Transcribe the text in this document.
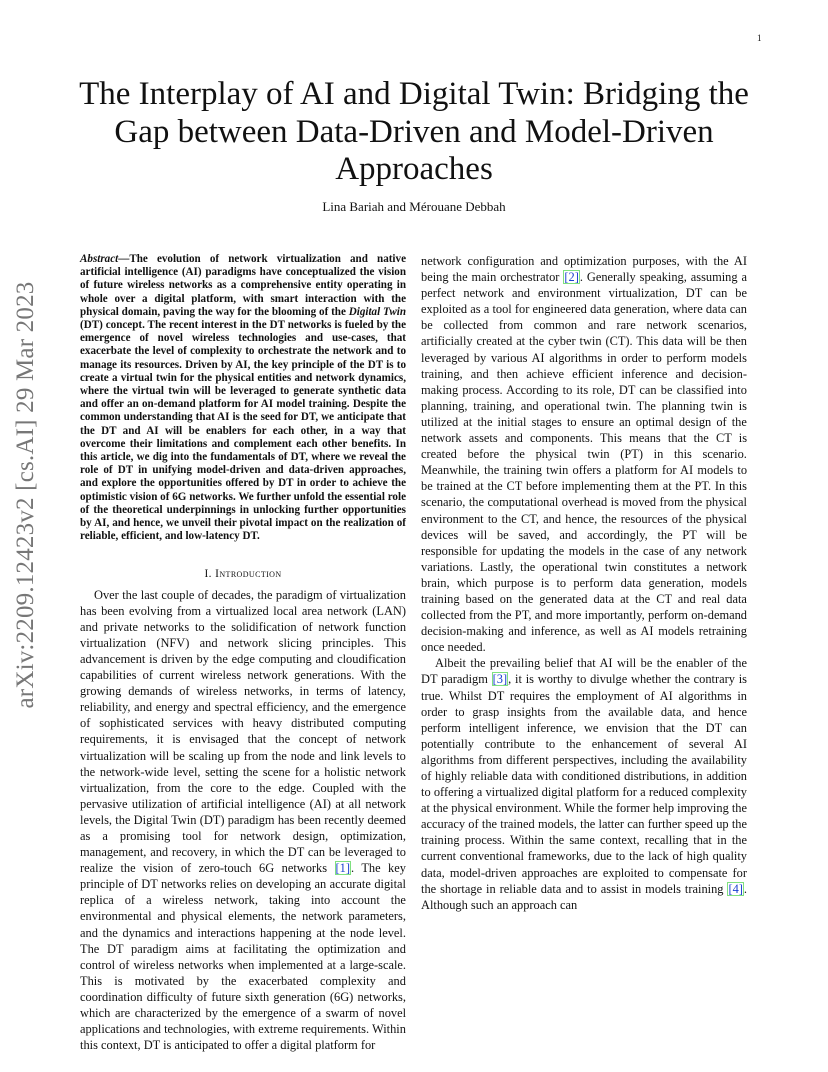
1
arXiv:2209.12423v2 [cs.AI] 29 Mar 2023
The Interplay of AI and Digital Twin: Bridging the Gap between Data-Driven and Model-Driven Approaches
Lina Bariah and Mérouane Debbah

Abstract—The evolution of network virtualization and native artificial intelligence (AI) paradigms have conceptualized the vision of future wireless networks as a comprehensive entity operating in whole over a digital platform, with smart interaction with the physical domain, paving the way for the blooming of the Digital Twin (DT) concept. The recent interest in the DT networks is fueled by the emergence of novel wireless technologies and use-cases, that exacerbate the level of complexity to orchestrate the network and to manage its resources. Driven by AI, the key principle of the DT is to create a virtual twin for the physical entities and network dynamics, where the virtual twin will be leveraged to generate synthetic data and offer an on-demand platform for AI model training. Despite the common understanding that AI is the seed for DT, we anticipate that the DT and AI will be enablers for each other, in a way that overcome their limitations and complement each other benefits. In this article, we dig into the fundamentals of DT, where we reveal the role of DT in unifying model-driven and data-driven approaches, and explore the opportunities offered by DT in order to achieve the optimistic vision of 6G networks. We further unfold the essential role of the theoretical underpinnings in unlocking further opportunities by AI, and hence, we unveil their pivotal impact on the realization of reliable, efficient, and low-latency DT.

I. Introduction

Over the last couple of decades, the paradigm of virtualization has been evolving from a virtualized local area network (LAN) and private networks to the solidification of network function virtualization (NFV) and network slicing principles. This advancement is driven by the edge computing and cloudification capabilities of current wireless network generations. With the growing demands of wireless networks, in terms of latency, reliability, and energy and spectral efficiency, and the emergence of sophisticated services with heavy distributed computing requirements, it is envisaged that the concept of network virtualization will be scaling up from the node and link levels to the network-wide level, setting the scene for a holistic network virtualization, from the core to the edge. Coupled with the pervasive utilization of artificial intelligence (AI) at all network levels, the Digital Twin (DT) paradigm has been recently deemed as a promising tool for network design, optimization, management, and recovery, in which the DT can be leveraged to realize the vision of zero-touch 6G networks [1]. The key principle of DT networks relies on developing an accurate digital replica of a wireless network, taking into account the environmental and physical elements, the network parameters, and the dynamics and interactions happening at the node level. The DT paradigm aims at facilitating the optimization and control of wireless networks when implemented at a large-scale. This is motivated by the exacerbated complexity and coordination difficulty of future sixth generation (6G) networks, which are characterized by the emergence of a swarm of novel applications and technologies, with extreme requirements. Within this context, DT is anticipated to offer a digital platform for

network configuration and optimization purposes, with the AI being the main orchestrator [2]. Generally speaking, assuming a perfect network and environment virtualization, DT can be exploited as a tool for engineered data generation, where data can be collected from common and rare network scenarios, artificially created at the cyber twin (CT). This data will be then leveraged by various AI algorithms in order to perform models training, and then achieve efficient inference and decision-making process. According to its role, DT can be classified into planning, training, and operational twin. The planning twin is utilized at the initial stages to ensure an optimal design of the network assets and components. This means that the CT is created before the physical twin (PT) in this scenario. Meanwhile, the training twin offers a platform for AI models to be trained at the CT before implementing them at the PT. In this scenario, the computational overhead is moved from the physical environment to the CT, and hence, the resources of the physical devices will be saved, and accordingly, the PT will be responsible for updating the models in the case of any network variations. Lastly, the operational twin constitutes a network brain, which purpose is to perform data generation, models training based on the generated data at the CT and real data collected from the PT, and more importantly, perform on-demand decision-making and inference, as well as AI models retraining once needed.

Albeit the prevailing belief that AI will be the enabler of the DT paradigm [3], it is worthy to divulge whether the contrary is true. Whilst DT requires the employment of AI algorithms in order to grasp insights from the available data, and hence perform intelligent inference, we envision that the DT can potentially contribute to the enhancement of several AI algorithms from different perspectives, including the availability of highly reliable data with conditioned distributions, in addition to offering a virtualized digital platform for a reduced complexity at the physical environment. While the former help improving the accuracy of the trained models, the latter can further speed up the training process. Within the same context, recalling that in the current conventional frameworks, due to the lack of high quality data, model-driven approaches are exploited to compensate for the shortage in reliable data and to assist in models training [4]. Although such an approach can
